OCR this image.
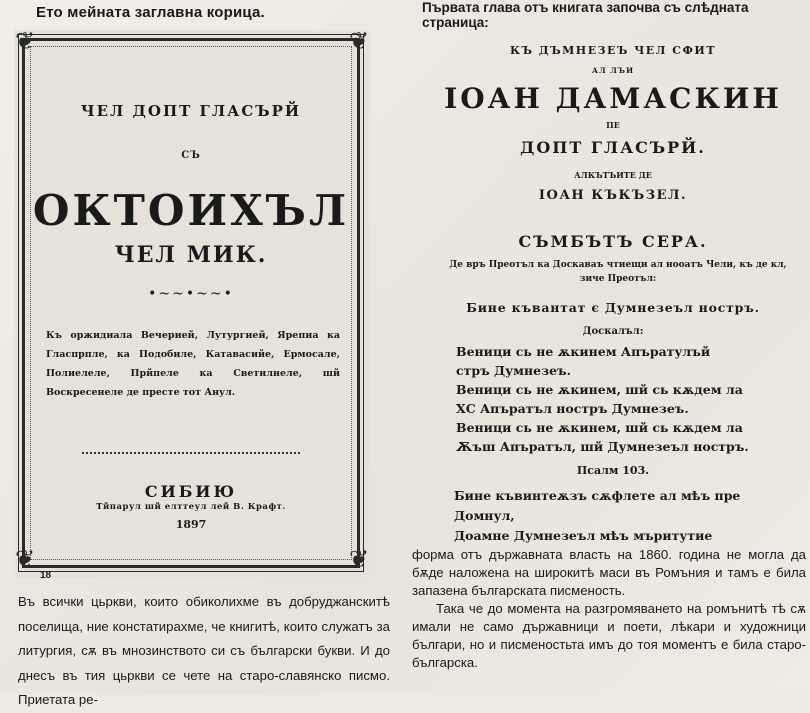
Ето мейната заглавна корица.
❦	❦
❦	❦
ЧЕЛ ДОПТ ГЛАСЪРЙ
СЪ
ОКТОИХЪЛ
ЧЕЛ МИК.
•~~•~~•
Къ оржидиала Вечерией, Лутургией, Ярепиа ка Гласпрпле, ка Подобиле, Катавасийе, Ермосале, Полиелеле, Прйпеле ка Светилнеле, шй Воскресенеле де престе тот Анул.
СИБИЮ
Тйпарул шй елттеул лей В. Крафт.
1897
18
Въ всички цьркви, които обиколихме въ добруджанскитѣ поселища, ние констатирахме, че книгитѣ, които служатъ за литургия, сѫ въ мнозинството си съ български букви. И до днесъ въ тия цьркви се чете на старо-славянско писмо. Приетата ре-
Първата глава отъ книгата започва съ слѣдната страница:
КЪ ДЪМНЕЗЕЪ ЧЕЛ СФИТ
АЛ ЛЪИ
ІОАН ДАМАСКИН
ПЕ
ДОПТ ГЛАСЪРЙ.
АЛКЪТЪИТЕ ДЕ
ІОАН КЪКЪЗЕЛ.
СЪМБЪТЪ СЕРА.
Де връ Преотъл ка Доскаваъ чтиещи ал нооатъ Чели, къ де кл, зиче Преотъл:
Бине къвантат є Думнезеъл ностръ.
Доскалъл:
Веници сь не ѫкинем Апъратулъй
стръ Думнезеъ.
Веници сь не ѫкинем, шй сь кѫдем ла
ХС Апъратъл ностръ Думнезеъ.
Веници сь не ѫкинем, шй сь кѫдем ла
Ѫъш Апъратъл, шй Думнезеъл ностръ.
Псалм 103.
Бине къвинтеѫзъ сѫфлете ал мѣъ пре Домнул,
Доамне Думнезеъл мѣъ мъритутие

форма отъ държавната власть на 1860. година не могла да бѫде наложена на широкитѣ маси въ Ромъния и тамъ е била запазена българската писменость.

Така че до момента на разгромяването на ромънитѣ тѣ сѫ имали не само държавници и поети, лѣкари и художници българи, но и писменостьта имъ до тоя моментъ е била старо-българска.
